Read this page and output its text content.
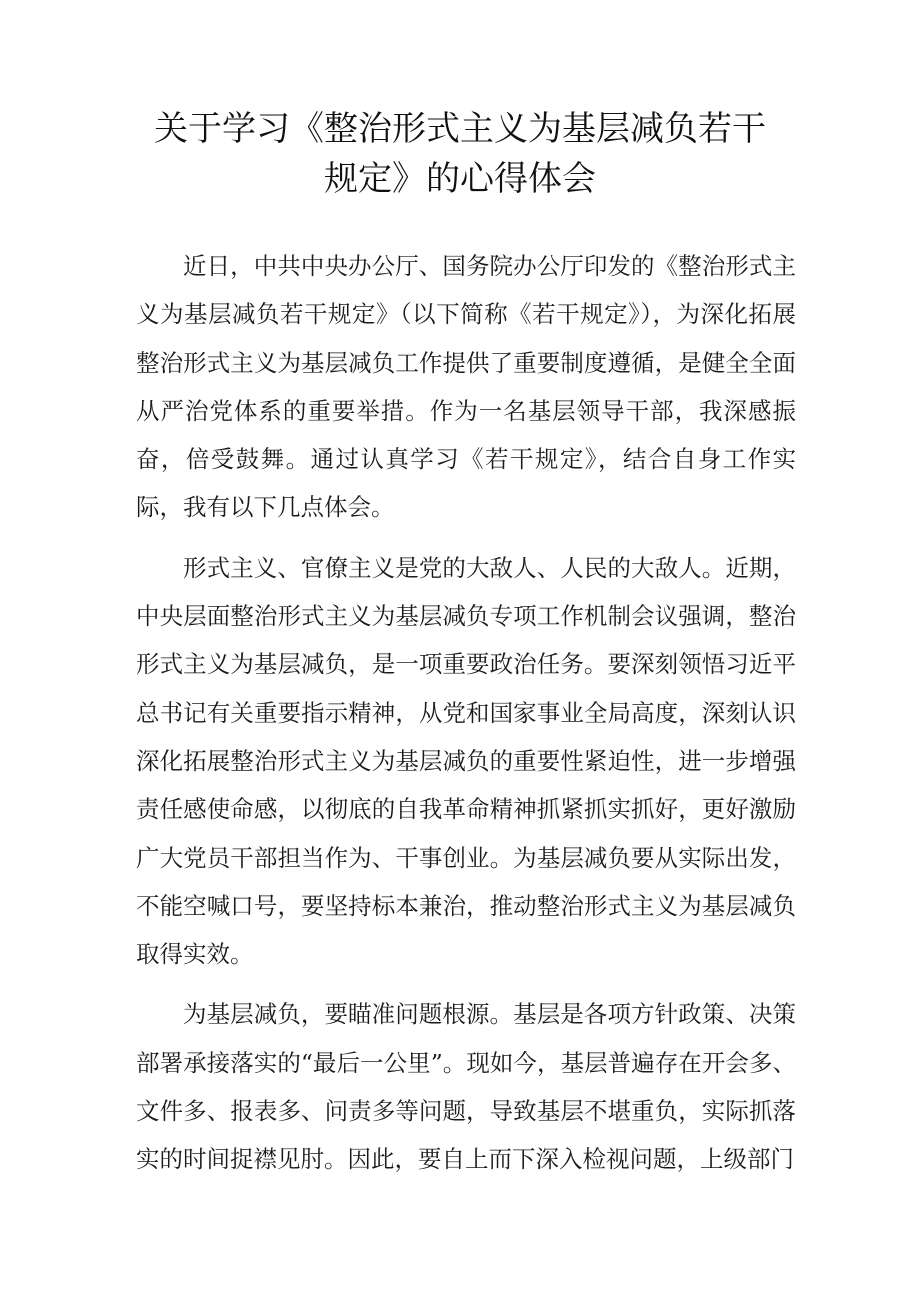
关于学习《整治形式主义为基层减负若干
规定》的心得体会

近日，中共中央办公厅、国务院办公厅印发的《整治形式主义为基层减负若干规定》（以下简称《若干规定》），为深化拓展整治形式主义为基层减负工作提供了重要制度遵循，是健全全面从严治党体系的重要举措。作为一名基层领导干部，我深感振奋，倍受鼓舞。通过认真学习《若干规定》，结合自身工作实际，我有以下几点体会。

形式主义、官僚主义是党的大敌人、人民的大敌人。近期，中央层面整治形式主义为基层减负专项工作机制会议强调，整治形式主义为基层减负，是一项重要政治任务。要深刻领悟习近平总书记有关重要指示精神，从党和国家事业全局高度，深刻认识深化拓展整治形式主义为基层减负的重要性紧迫性，进一步增强责任感使命感，以彻底的自我革命精神抓紧抓实抓好，更好激励广大党员干部担当作为、干事创业。为基层减负要从实际出发，不能空喊口号，要坚持标本兼治，推动整治形式主义为基层减负取得实效。

为基层减负，要瞄准问题根源。基层是各项方针政策、决策部署承接落实的“最后一公里”。现如今，基层普遍存在开会多、文件多、报表多、问责多等问题，导致基层不堪重负，实际抓落实的时间捉襟见肘。因此，要自上而下深入检视问题，上级部门
